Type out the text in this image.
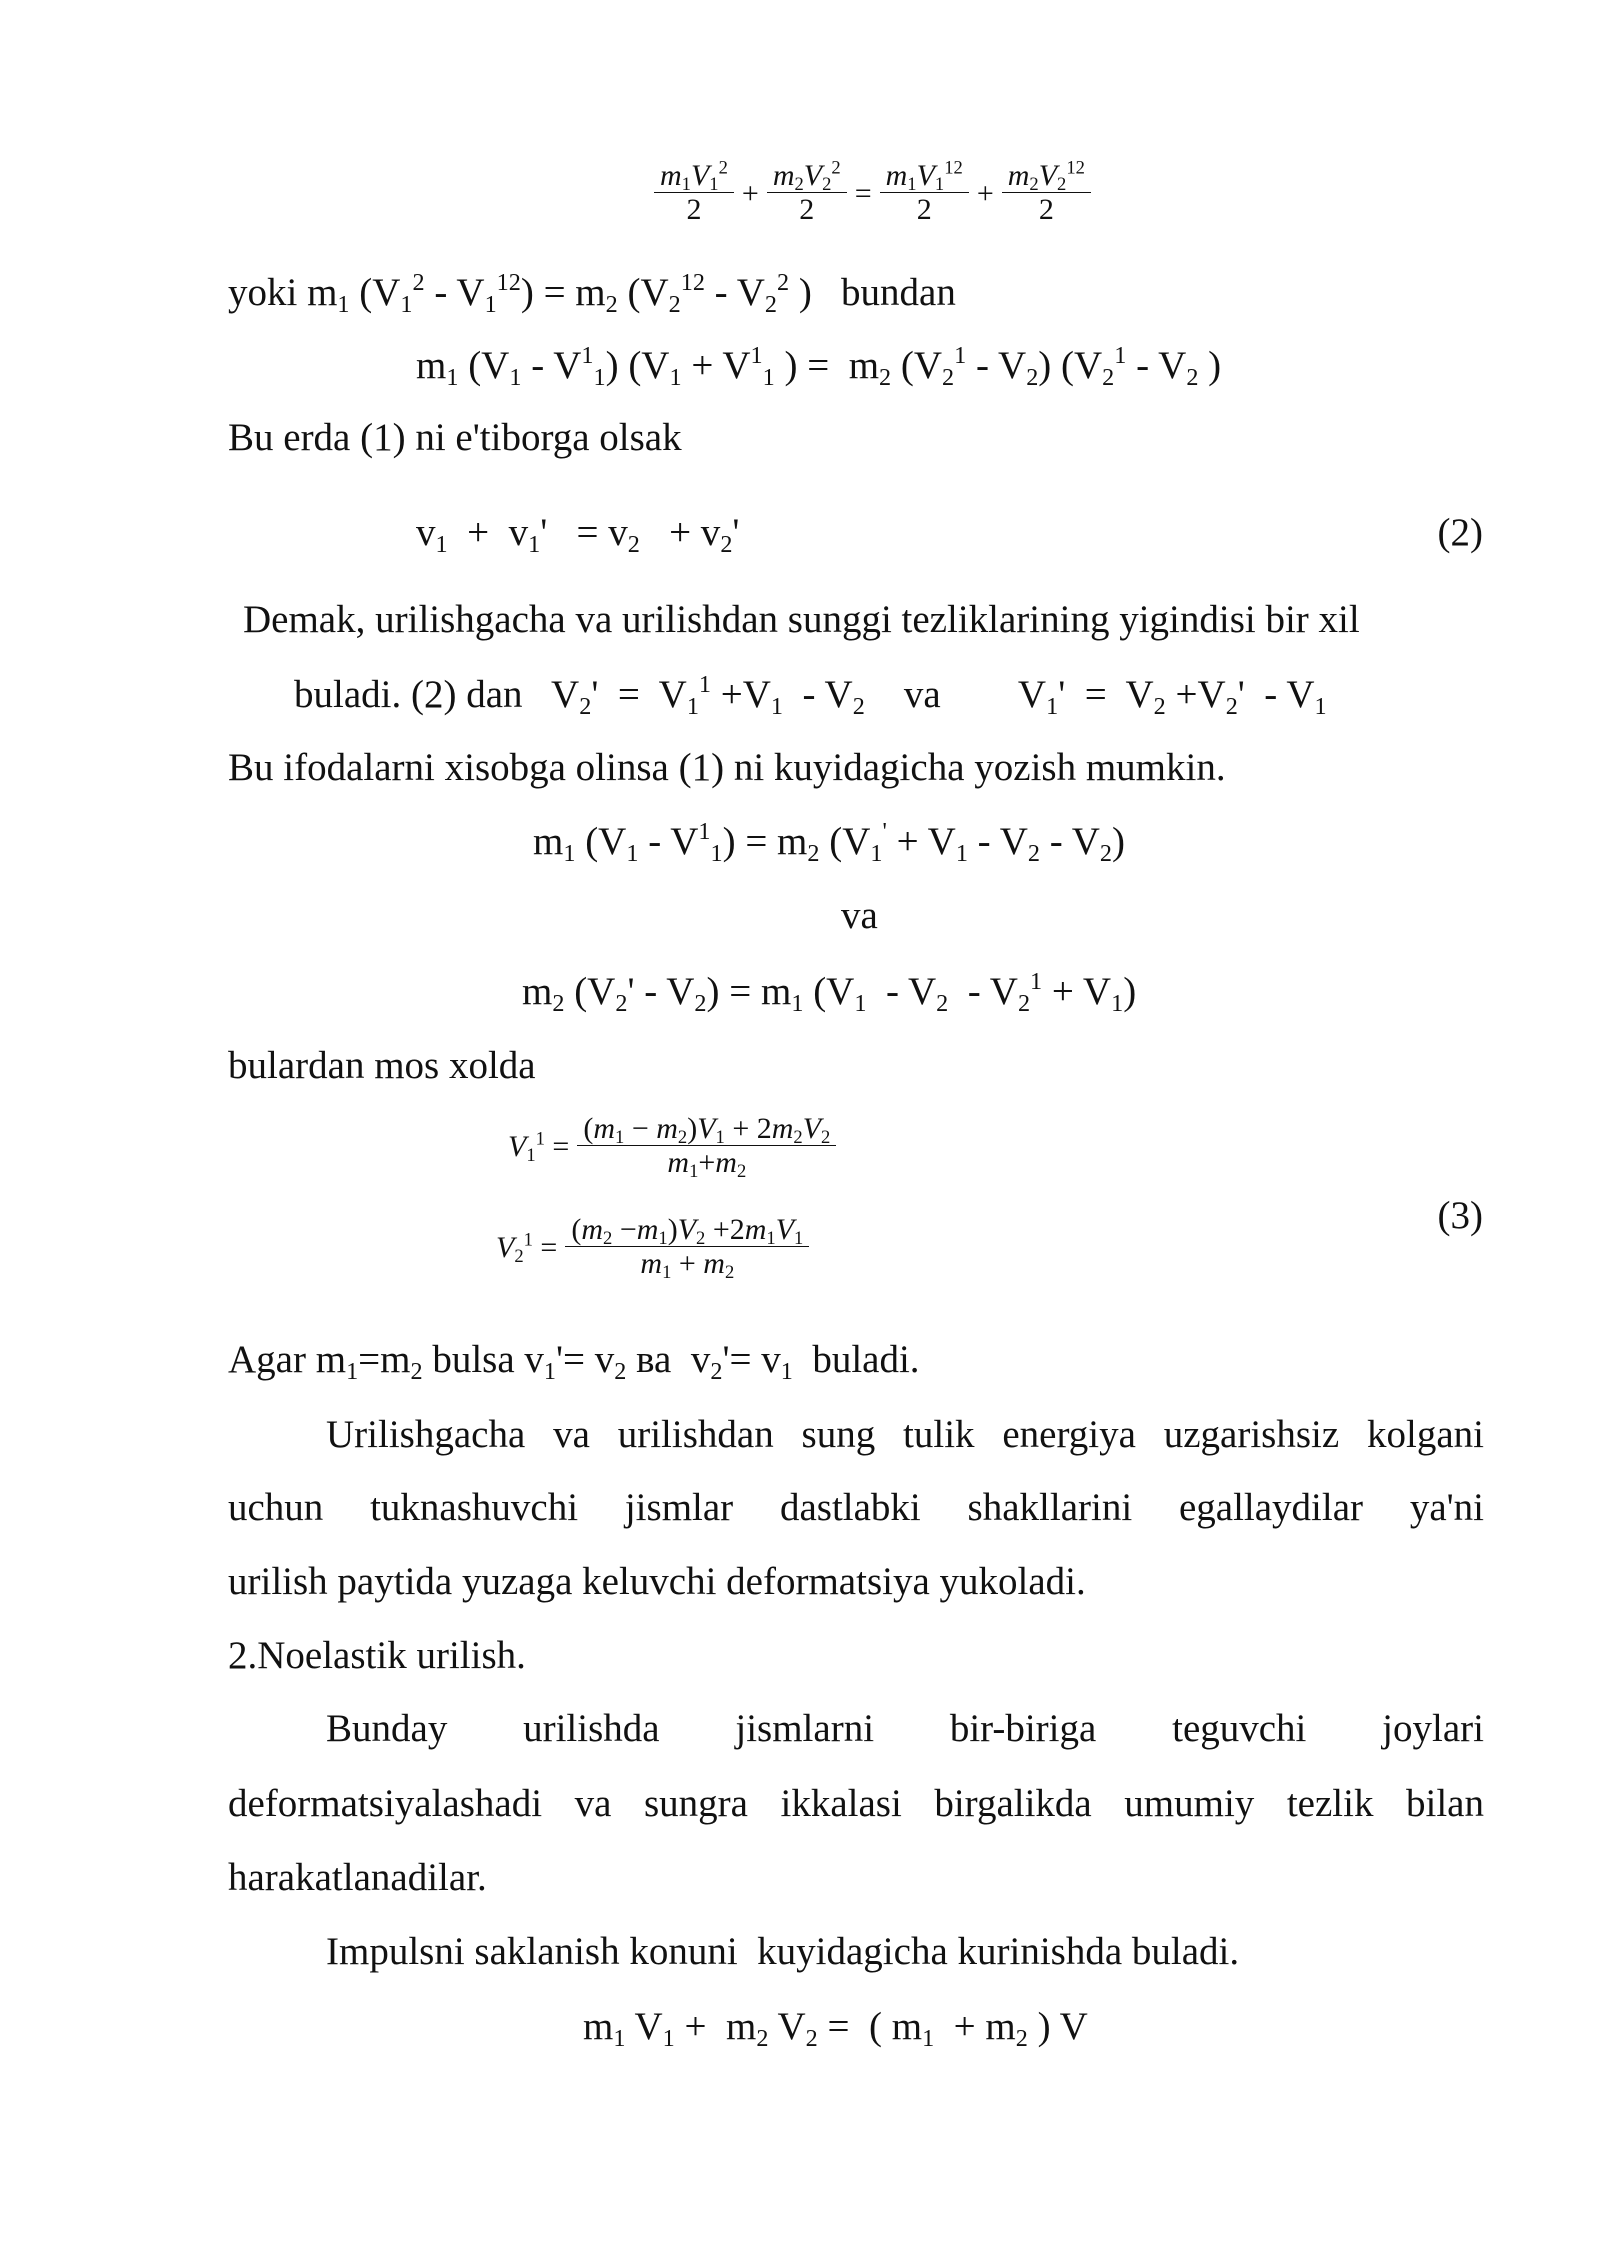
$\frac{m_1V_1^2}{2} + \frac{m_2V_2^2}{2} = \frac{m_1V_1^{12}}{2} + \frac{m_2V_2^{12}}{2}$
yoki $m_1$ $(V_1^2 - V_1^{12}) = m_2$ ($V_2^{12} - V_2^2$ )   bundan
$m_1$ $(V_1 - V^1_1) (V_1 + V^1_1$ ) =  $m_2$ $(V_2^1 - V_2)$ ($V_2^1 - V_2$ )
Bu erda (1) ni e'tiborga olsak
$v_1 + v_1' = v_2 + v_2'$	(2)
Demak, urilishgacha va urilishdan sunggi tezliklarining yigindisi bir xil
buladi. (2) dan   $V_2' = V_1^1 +V_1 - V_2$    va        $V_1' = V_2 +V_2' - V_1$
Bu ifodalarni xisobga olinsa (1) ni kuyidagicha yozish mumkin.
$m_1$ $(V_1 - V^1_1) = m_2$ $(V_1' + V_1 - V_2 - V_2)$
va
$m_2$ $(V_2' - V_2) = m_1$ $(V_1 - V_2 - V_2^1 + V_1)$
bulardan mos xolda
$V_1^1 = \frac{(m_1 - m_2)V_1 + 2m_2V_2}{m_1+m_2}$
$V_2^1 = \frac{(m_2 -m_1)V_2 +2m_1V_1}{m_1 + m_2}$	(3)
Agar $m_1=m_2$ bulsa $v_1'= v_2$ ва  $v_2'= v_1$  buladi.
Urilishgacha va urilishdan sung tulik energiya uzgarishsiz kolgani
uchun tuknashuvchi jismlar dastlabki shakllarini egallaydilar ya'ni
urilish paytida yuzaga keluvchi deformatsiya yukoladi.
2.Noelastik urilish.
Bunday urilishda jismlarni bir-biriga teguvchi joylari
deformatsiyalashadi va sungra ikkalasi birgalikda umumiy tezlik bilan
harakatlanadilar.
Impulsni saklanish konuni  kuyidagicha kurinishda buladi.
$m_1$ $V_1 + m_2$ $V_2$ =  ( $m_1 + m_2$ ) V
